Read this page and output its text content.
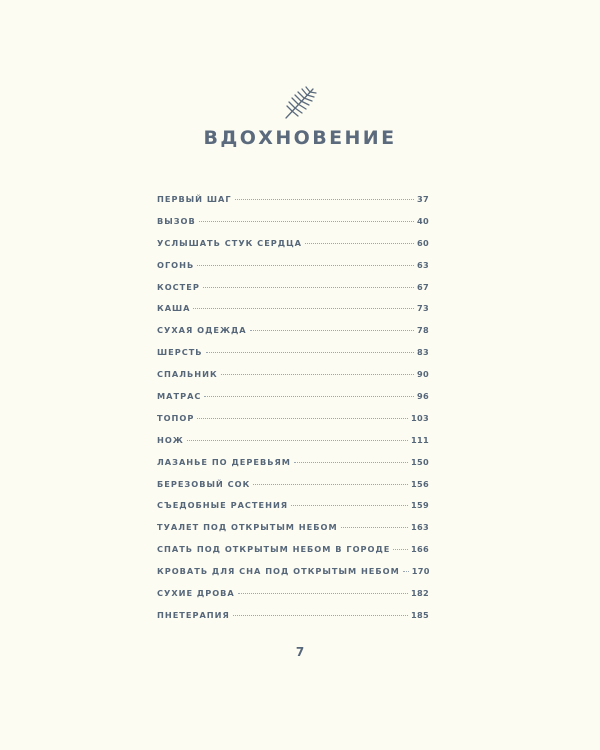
ВДОХНОВЕНИЕ
ПЕРВЫЙ ШАГ	37
ВЫЗОВ	40
УСЛЫШАТЬ СТУК СЕРДЦА	60
ОГОНЬ	63
КОСТЕР	67
КАША	73
СУХАЯ ОДЕЖДА	78
ШЕРСТЬ	83
СПАЛЬНИК	90
МАТРАС	96
ТОПОР	103
НОЖ	111
ЛАЗАНЬЕ ПО ДЕРЕВЬЯМ	150
БЕРЕЗОВЫЙ СОК	156
СЪЕДОБНЫЕ РАСТЕНИЯ	159
ТУАЛЕТ ПОД ОТКРЫТЫМ НЕБОМ	163
СПАТЬ ПОД ОТКРЫТЫМ НЕБОМ В ГОРОДЕ	166
КРОВАТЬ ДЛЯ СНА ПОД ОТКРЫТЫМ НЕБОМ 170
СУХИЕ ДРОВА	182
ПНЕТЕРАПИЯ	185
7
